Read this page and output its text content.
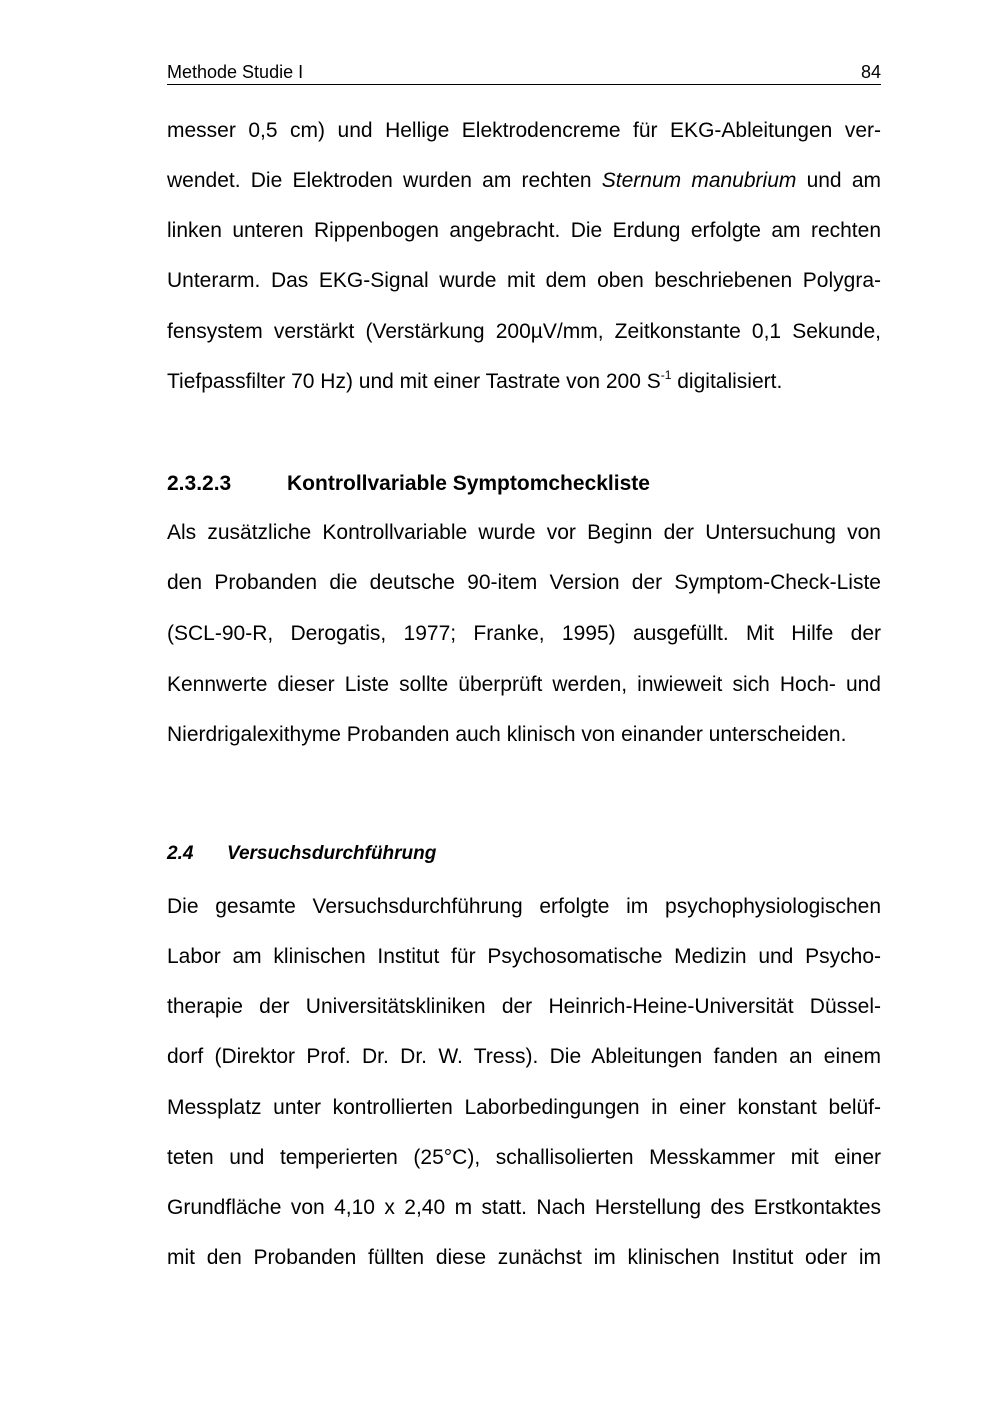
Methode Studie I	84
messer 0,5 cm) und Hellige Elektrodencreme für EKG-Ableitungen ver-
wendet. Die Elektroden wurden am rechten Sternum manubrium und am
linken unteren Rippenbogen angebracht. Die Erdung erfolgte am rechten
Unterarm. Das EKG-Signal wurde mit dem oben beschriebenen Polygra-
fensystem verstärkt (Verstärkung 200µV/mm, Zeitkonstante 0,1 Sekunde,
Tiefpassfilter 70 Hz) und mit einer Tastrate von 200 $S^{-1}$ digitalisiert.
2.3.2.3	Kontrollvariable Symptomcheckliste
Als zusätzliche Kontrollvariable wurde vor Beginn der Untersuchung von
den Probanden die deutsche 90-item Version der Symptom-Check-Liste
(SCL-90-R, Derogatis, 1977; Franke, 1995) ausgefüllt. Mit Hilfe der
Kennwerte dieser Liste sollte überprüft werden, inwieweit sich Hoch- und
Nierdrigalexithyme Probanden auch klinisch von einander unterscheiden.
2.4 Versuchsdurchführung
Die gesamte Versuchsdurchführung erfolgte im psychophysiologischen
Labor am klinischen Institut für Psychosomatische Medizin und Psycho-
therapie der Universitätskliniken der Heinrich-Heine-Universität Düssel-
dorf (Direktor Prof. Dr. Dr. W. Tress). Die Ableitungen fanden an einem
Messplatz unter kontrollierten Laborbedingungen in einer konstant belüf-
teten und temperierten (25°C), schallisolierten Messkammer mit einer
Grundfläche von 4,10 x 2,40 m statt. Nach Herstellung des Erstkontaktes
mit den Probanden füllten diese zunächst im klinischen Institut oder im
